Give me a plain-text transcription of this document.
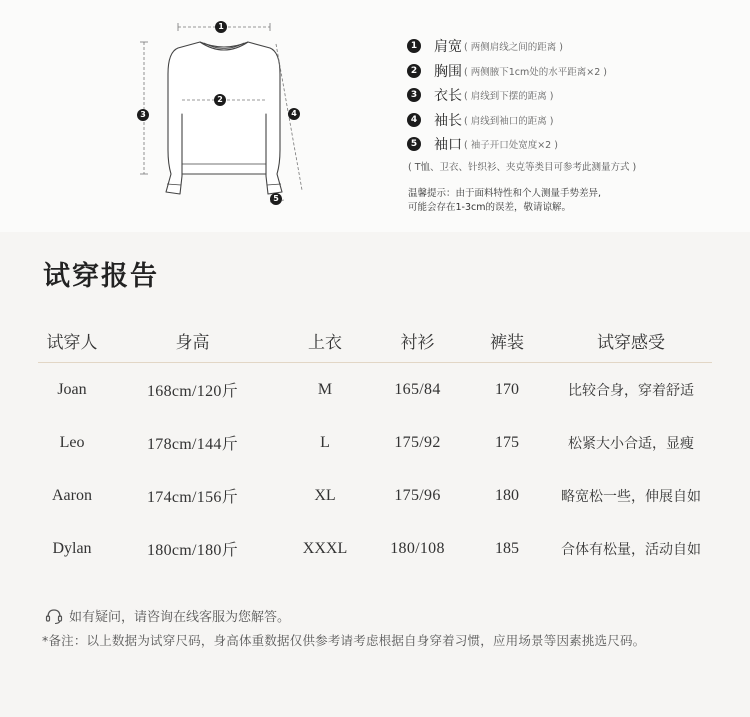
1
2
3	4
5
1 肩宽 ( 两侧肩线之间的距离 )
2 胸围 ( 两侧腋下1cm处的水平距离×2 )
3 衣长 ( 肩线到下摆的距离 )
4 袖长 ( 肩线到袖口的距离 )
5 袖口 ( 袖子开口处宽度×2 )
( T恤、卫衣、针织衫、夹克等类目可参考此测量方式 )
温馨提示：由于面料特性和个人测量手势差异,
可能会存在1-3cm的误差，敬请谅解。
试穿报告
试穿人	身高	上衣	衬衫	裤装	试穿感受
Joan	168cm/120斤	M	165/84	170	比较合身，穿着舒适
Leo	178cm/144斤	L	175/92	175	松紧大小合适，显瘦
Aaron	174cm/156斤	XL	175/96	180	略宽松一些，伸展自如
Dylan	180cm/180斤	XXXL	180/108	185	合体有松量，活动自如
如有疑问，请咨询在线客服为您解答。
*备注：以上数据为试穿尺码，身高体重数据仅供参考请考虑根据自身穿着习惯，应用场景等因素挑选尺码。
